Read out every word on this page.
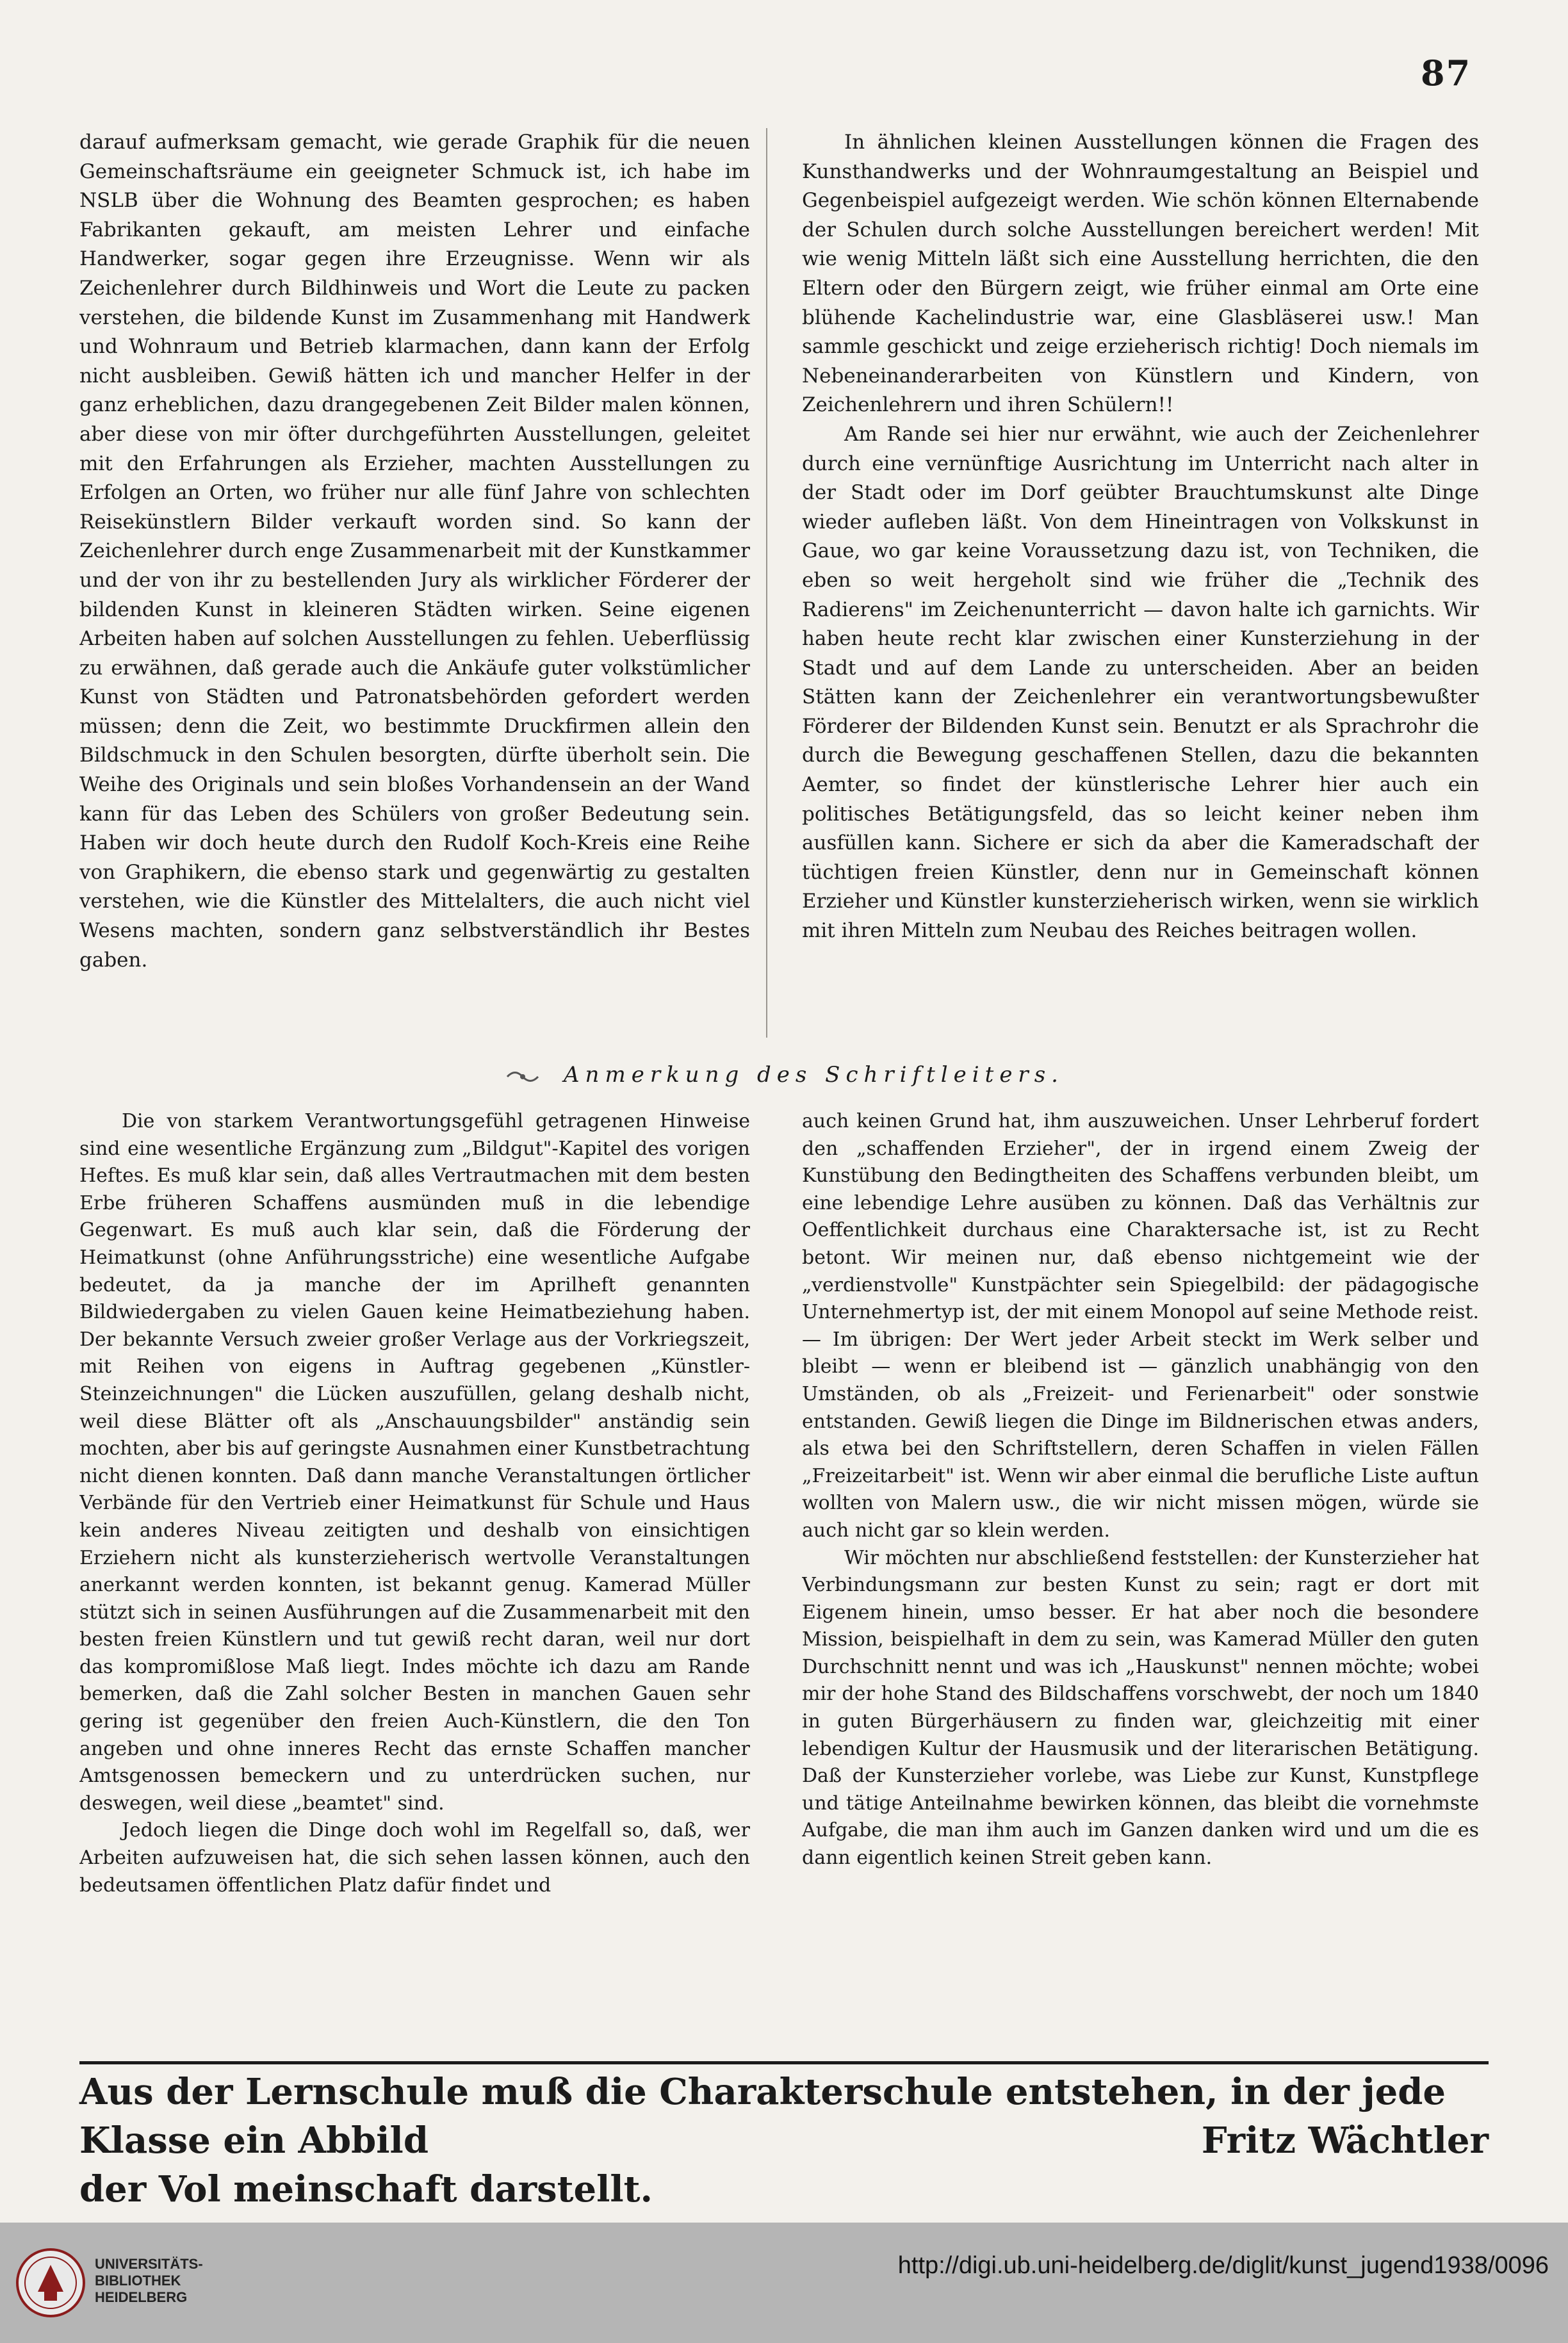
87

darauf aufmerksam gemacht, wie gerade Graphik für die neuen Gemeinschaftsräume ein geeigneter Schmuck ist, ich habe im NSLB über die Wohnung des Beamten gesprochen; es haben Fabrikanten gekauft, am meisten Lehrer und einfache Handwerker, sogar gegen ihre Erzeugnisse. Wenn wir als Zeichenlehrer durch Bildhinweis und Wort die Leute zu packen verstehen, die bildende Kunst im Zusammenhang mit Handwerk und Wohnraum und Betrieb klarmachen, dann kann der Erfolg nicht ausbleiben. Gewiß hätten ich und mancher Helfer in der ganz erheblichen, dazu drangegebenen Zeit Bilder malen können, aber diese von mir öfter durchgeführten Ausstellungen, geleitet mit den Erfahrungen als Erzieher, machten Ausstellungen zu Erfolgen an Orten, wo früher nur alle fünf Jahre von schlechten Reisekünstlern Bilder verkauft worden sind. So kann der Zeichenlehrer durch enge Zusammenarbeit mit der Kunstkammer und der von ihr zu bestellenden Jury als wirklicher Förderer der bildenden Kunst in kleineren Städten wirken. Seine eigenen Arbeiten haben auf solchen Ausstellungen zu fehlen. Ueberflüssig zu erwähnen, daß gerade auch die Ankäufe guter volkstümlicher Kunst von Städten und Patronatsbehörden gefordert werden müssen; denn die Zeit, wo bestimmte Druckfirmen allein den Bildschmuck in den Schulen besorgten, dürfte überholt sein. Die Weihe des Originals und sein bloßes Vorhandensein an der Wand kann für das Leben des Schülers von großer Bedeutung sein. Haben wir doch heute durch den Rudolf Koch-Kreis eine Reihe von Graphikern, die ebenso stark und gegenwärtig zu gestalten verstehen, wie die Künstler des Mittelalters, die auch nicht viel Wesens machten, sondern ganz selbstverständlich ihr Bestes gaben.

In ähnlichen kleinen Ausstellungen können die Fragen des Kunsthandwerks und der Wohnraumgestaltung an Beispiel und Gegenbeispiel aufgezeigt werden. Wie schön können Elternabende der Schulen durch solche Ausstellungen bereichert werden! Mit wie wenig Mitteln läßt sich eine Ausstellung herrichten, die den Eltern oder den Bürgern zeigt, wie früher einmal am Orte eine blühende Kachelindustrie war, eine Glasbläserei usw.! Man sammle geschickt und zeige erzieherisch richtig! Doch niemals im Nebeneinanderarbeiten von Künstlern und Kindern, von Zeichenlehrern und ihren Schülern!!

Am Rande sei hier nur erwähnt, wie auch der Zeichenlehrer durch eine vernünftige Ausrichtung im Unterricht nach alter in der Stadt oder im Dorf geübter Brauchtumskunst alte Dinge wieder aufleben läßt. Von dem Hineintragen von Volkskunst in Gaue, wo gar keine Voraussetzung dazu ist, von Techniken, die eben so weit hergeholt sind wie früher die „Technik des Radierens" im Zeichenunterricht — davon halte ich garnichts. Wir haben heute recht klar zwischen einer Kunsterziehung in der Stadt und auf dem Lande zu unterscheiden. Aber an beiden Stätten kann der Zeichenlehrer ein verantwortungsbewußter Förderer der Bildenden Kunst sein. Benutzt er als Sprachrohr die durch die Bewegung geschaffenen Stellen, dazu die bekannten Aemter, so findet der künstlerische Lehrer hier auch ein politisches Betätigungsfeld, das so leicht keiner neben ihm ausfüllen kann. Sichere er sich da aber die Kameradschaft der tüchtigen freien Künstler, denn nur in Gemeinschaft können Erzieher und Künstler kunsterzieherisch wirken, wenn sie wirklich mit ihren Mitteln zum Neubau des Reiches beitragen wollen.

Anmerkung des Schriftleiters.

Die von starkem Verantwortungsgefühl getragenen Hinweise sind eine wesentliche Ergänzung zum „Bildgut"-Kapitel des vorigen Heftes. Es muß klar sein, daß alles Vertrautmachen mit dem besten Erbe früheren Schaffens ausmünden muß in die lebendige Gegenwart. Es muß auch klar sein, daß die Förderung der Heimatkunst (ohne Anführungsstriche) eine wesentliche Aufgabe bedeutet, da ja manche der im Aprilheft genannten Bildwiedergaben zu vielen Gauen keine Heimatbeziehung haben. Der bekannte Versuch zweier großer Verlage aus der Vorkriegszeit, mit Reihen von eigens in Auftrag gegebenen „Künstler-Steinzeichnungen" die Lücken auszufüllen, gelang deshalb nicht, weil diese Blätter oft als „Anschauungsbilder" anständig sein mochten, aber bis auf geringste Ausnahmen einer Kunstbetrachtung nicht dienen konnten. Daß dann manche Veranstaltungen örtlicher Verbände für den Vertrieb einer Heimatkunst für Schule und Haus kein anderes Niveau zeitigten und deshalb von einsichtigen Erziehern nicht als kunsterzieherisch wertvolle Veranstaltungen anerkannt werden konnten, ist bekannt genug. Kamerad Müller stützt sich in seinen Ausführungen auf die Zusammenarbeit mit den besten freien Künstlern und tut gewiß recht daran, weil nur dort das kompromißlose Maß liegt. Indes möchte ich dazu am Rande bemerken, daß die Zahl solcher Besten in manchen Gauen sehr gering ist gegenüber den freien Auch-Künstlern, die den Ton angeben und ohne inneres Recht das ernste Schaffen mancher Amtsgenossen bemeckern und zu unterdrücken suchen, nur deswegen, weil diese „beamtet" sind.

Jedoch liegen die Dinge doch wohl im Regelfall so, daß, wer Arbeiten aufzuweisen hat, die sich sehen lassen können, auch den bedeutsamen öffentlichen Platz dafür findet und

auch keinen Grund hat, ihm auszuweichen. Unser Lehrberuf fordert den „schaffenden Erzieher", der in irgend einem Zweig der Kunstübung den Bedingtheiten des Schaffens verbunden bleibt, um eine lebendige Lehre ausüben zu können. Daß das Verhältnis zur Oeffentlichkeit durchaus eine Charaktersache ist, ist zu Recht betont. Wir meinen nur, daß ebenso nichtgemeint wie der „verdienstvolle" Kunstpächter sein Spiegelbild: der pädagogische Unternehmertyp ist, der mit einem Monopol auf seine Methode reist. — Im übrigen: Der Wert jeder Arbeit steckt im Werk selber und bleibt — wenn er bleibend ist — gänzlich unabhängig von den Umständen, ob als „Freizeit- und Ferienarbeit" oder sonstwie entstanden. Gewiß liegen die Dinge im Bildnerischen etwas anders, als etwa bei den Schriftstellern, deren Schaffen in vielen Fällen „Freizeitarbeit" ist. Wenn wir aber einmal die berufliche Liste auftun wollten von Malern usw., die wir nicht missen mögen, würde sie auch nicht gar so klein werden.

Wir möchten nur abschließend feststellen: der Kunsterzieher hat Verbindungsmann zur besten Kunst zu sein; ragt er dort mit Eigenem hinein, umso besser. Er hat aber noch die besondere Mission, beispielhaft in dem zu sein, was Kamerad Müller den guten Durchschnitt nennt und was ich „Hauskunst" nennen möchte; wobei mir der hohe Stand des Bildschaffens vorschwebt, der noch um 1840 in guten Bürgerhäusern zu finden war, gleichzeitig mit einer lebendigen Kultur der Hausmusik und der literarischen Betätigung. Daß der Kunsterzieher vorlebe, was Liebe zur Kunst, Kunstpflege und tätige Anteilnahme bewirken können, das bleibt die vornehmste Aufgabe, die man ihm auch im Ganzen danken wird und um die es dann eigentlich keinen Streit geben kann.

Aus der Lernschule muß die Charakterschule entstehen, in der jede Klasse ein Abbild
der Vol meinschaft darstellt.
Fritz Wächtler
UNIVERSITÄTS-
BIBLIOTHEK
HEIDELBERG
http://digi.ub.uni-heidelberg.de/diglit/kunst_jugend1938/0096
